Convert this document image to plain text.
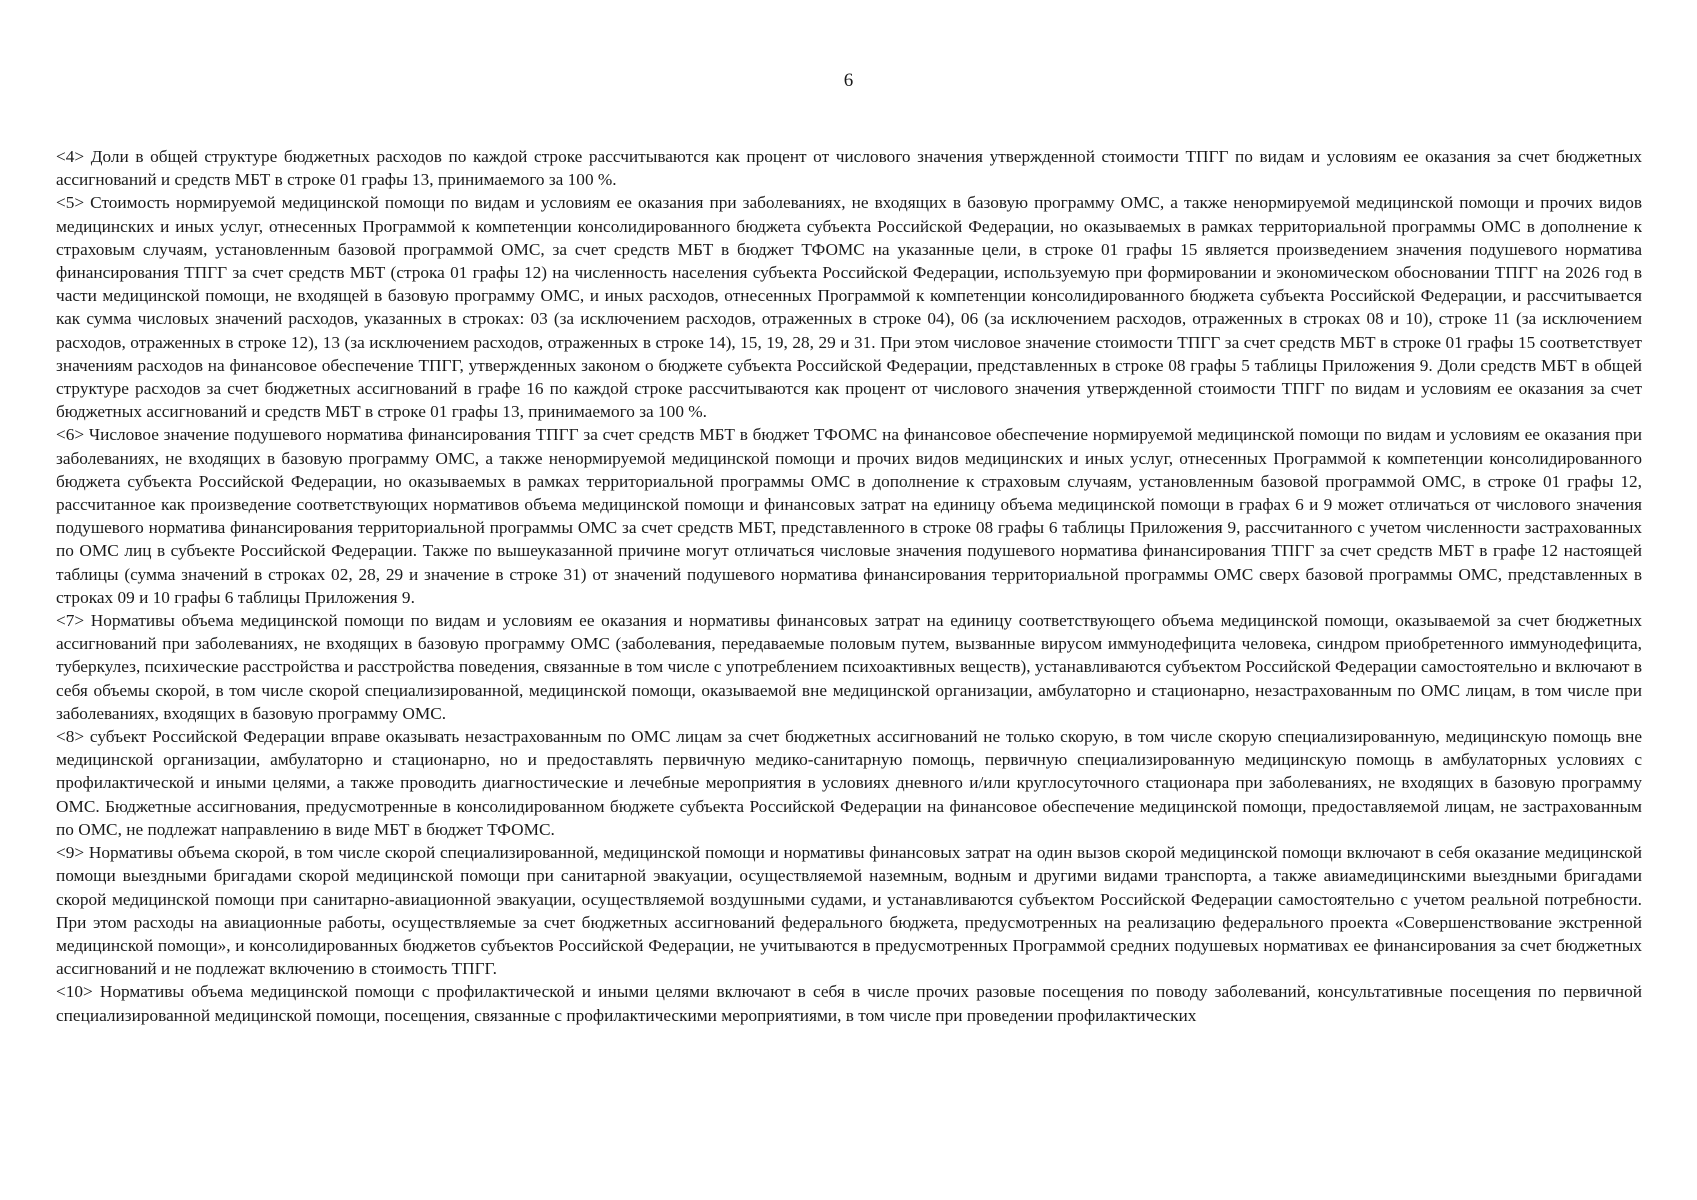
6

<4> Доли в общей структуре бюджетных расходов по каждой строке рассчитываются как процент от числового значения утвержденной стоимости ТПГГ по видам и условиям ее оказания за счет бюджетных ассигнований и средств МБТ в строке 01 графы 13, принимаемого за 100 %.

<5> Стоимость нормируемой медицинской помощи по видам и условиям ее оказания при заболеваниях, не входящих в базовую программу ОМС, а также ненормируемой медицинской помощи и прочих видов медицинских и иных услуг, отнесенных Программой к компетенции консолидированного бюджета субъекта Российской Федерации, но оказываемых в рамках территориальной программы ОМС в дополнение к страховым случаям, установленным базовой программой ОМС, за счет средств МБТ в бюджет ТФОМС на указанные цели, в строке 01 графы 15 является произведением значения подушевого норматива финансирования ТПГГ за счет средств МБТ (строка 01 графы 12) на численность населения субъекта Российской Федерации, используемую при формировании и экономическом обосновании ТПГГ на 2026 год в части медицинской помощи, не входящей в базовую программу ОМС, и иных расходов, отнесенных Программой к компетенции консолидированного бюджета субъекта Российской Федерации, и рассчитывается как сумма числовых значений расходов, указанных в строках: 03 (за исключением расходов, отраженных в строке 04), 06 (за исключением расходов, отраженных в строках 08 и 10), строке 11 (за исключением расходов, отраженных в строке 12), 13 (за исключением расходов, отраженных в строке 14), 15, 19, 28, 29 и 31. При этом числовое значение стоимости ТПГГ за счет средств МБТ в строке 01 графы 15 соответствует значениям расходов на финансовое обеспечение ТПГГ, утвержденных законом о бюджете субъекта Российской Федерации, представленных в строке 08 графы 5 таблицы Приложения 9. Доли средств МБТ в общей структуре расходов за счет бюджетных ассигнований в графе 16 по каждой строке рассчитываются как процент от числового значения утвержденной стоимости ТПГГ по видам и условиям ее оказания за счет бюджетных ассигнований и средств МБТ в строке 01 графы 13, принимаемого за 100 %.

<6> Числовое значение подушевого норматива финансирования ТПГГ за счет средств МБТ в бюджет ТФОМС на финансовое обеспечение нормируемой медицинской помощи по видам и условиям ее оказания при заболеваниях, не входящих в базовую программу ОМС, а также ненормируемой медицинской помощи и прочих видов медицинских и иных услуг, отнесенных Программой к компетенции консолидированного бюджета субъекта Российской Федерации, но оказываемых в рамках территориальной программы ОМС в дополнение к страховым случаям, установленным базовой программой ОМС, в строке 01 графы 12, рассчитанное как произведение соответствующих нормативов объема медицинской помощи и финансовых затрат на единицу объема медицинской помощи в графах 6 и 9 может отличаться от числового значения подушевого норматива финансирования территориальной программы ОМС за счет средств МБТ, представленного в строке 08 графы 6 таблицы Приложения 9, рассчитанного с учетом численности застрахованных по ОМС лиц в субъекте Российской Федерации. Также по вышеуказанной причине могут отличаться числовые значения подушевого норматива финансирования ТПГГ за счет средств МБТ в графе 12 настоящей таблицы (сумма значений в строках 02, 28, 29 и значение в строке 31) от значений подушевого норматива финансирования территориальной программы ОМС сверх базовой программы ОМС, представленных в строках 09 и 10 графы 6 таблицы Приложения 9.

<7> Нормативы объема медицинской помощи по видам и условиям ее оказания и нормативы финансовых затрат на единицу соответствующего объема медицинской помощи, оказываемой за счет бюджетных ассигнований при заболеваниях, не входящих в базовую программу ОМС (заболевания, передаваемые половым путем, вызванные вирусом иммунодефицита человека, синдром приобретенного иммунодефицита, туберкулез, психические расстройства и расстройства поведения, связанные в том числе с употреблением психоактивных веществ), устанавливаются субъектом Российской Федерации самостоятельно и включают в себя объемы скорой, в том числе скорой специализированной, медицинской помощи, оказываемой вне медицинской организации, амбулаторно и стационарно, незастрахованным по ОМС лицам, в том числе при заболеваниях, входящих в базовую программу ОМС.

<8> субъект Российской Федерации вправе оказывать незастрахованным по ОМС лицам за счет бюджетных ассигнований не только скорую, в том числе скорую специализированную, медицинскую помощь вне медицинской организации, амбулаторно и стационарно, но и предоставлять первичную медико-санитарную помощь, первичную специализированную медицинскую помощь в амбулаторных условиях с профилактической и иными целями, а также проводить диагностические и лечебные мероприятия в условиях дневного и/или круглосуточного стационара при заболеваниях, не входящих в базовую программу ОМС. Бюджетные ассигнования, предусмотренные в консолидированном бюджете субъекта Российской Федерации на финансовое обеспечение медицинской помощи, предоставляемой лицам, не застрахованным по ОМС, не подлежат направлению в виде МБТ в бюджет ТФОМС.

<9> Нормативы объема скорой, в том числе скорой специализированной, медицинской помощи и нормативы финансовых затрат на один вызов скорой медицинской помощи включают в себя оказание медицинской помощи выездными бригадами скорой медицинской помощи при санитарной эвакуации, осуществляемой наземным, водным и другими видами транспорта, а также авиамедицинскими выездными бригадами скорой медицинской помощи при санитарно-авиационной эвакуации, осуществляемой воздушными судами, и устанавливаются субъектом Российской Федерации самостоятельно с учетом реальной потребности. При этом расходы на авиационные работы, осуществляемые за счет бюджетных ассигнований федерального бюджета, предусмотренных на реализацию федерального проекта «Совершенствование экстренной медицинской помощи», и консолидированных бюджетов субъектов Российской Федерации, не учитываются в предусмотренных Программой средних подушевых нормативах ее финансирования за счет бюджетных ассигнований и не подлежат включению в стоимость ТПГГ.

<10> Нормативы объема медицинской помощи с профилактической и иными целями включают в себя в числе прочих разовые посещения по поводу заболеваний, консультативные посещения по первичной специализированной медицинской помощи, посещения, связанные с профилактическими мероприятиями, в том числе при проведении профилактических
